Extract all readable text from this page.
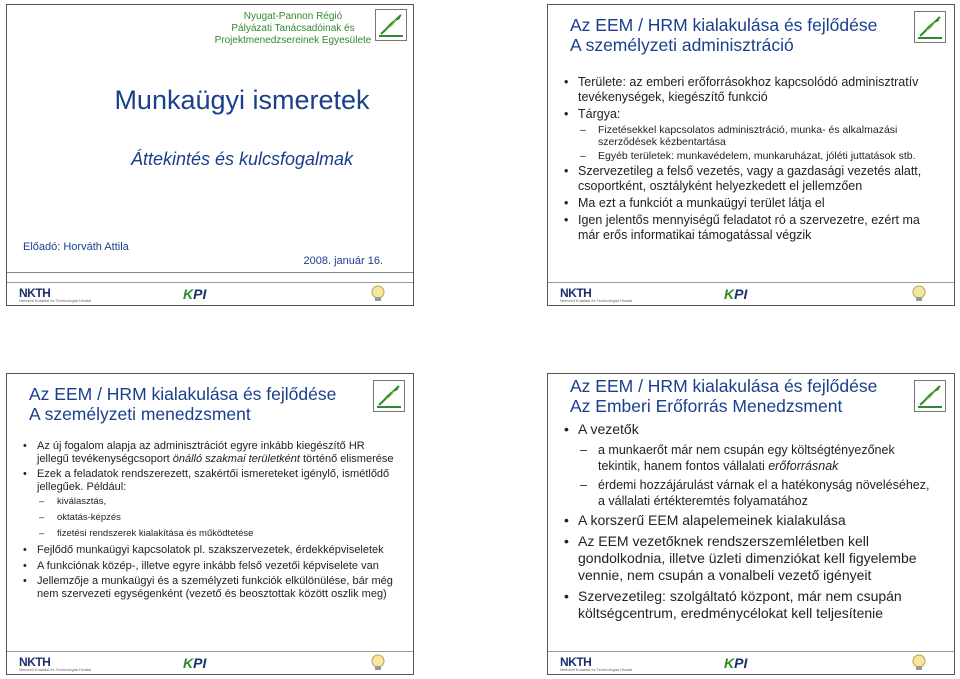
Nyugat-Pannon Régió
Pályázati Tanácsadóinak és
Projektmenedzsereinek Egyesülete
Munkaügyi ismeretek
Áttekintés és kulcsfogalmak
Előadó: Horváth Attila
2008. január 16.
NKTH
Nemzeti Kutatási és Technológiai Hivatal	KPI
Az EEM / HRM kialakulása és fejlődése
A személyzeti adminisztráció
• Területe: az emberi erőforrásokhoz kapcsolódó adminisztratív tevékenységek, kiegészítő funkció
• Tárgya:
– Fizetésekkel kapcsolatos adminisztráció, munka- és alkalmazási szerződések kézbentartása
– Egyéb területek: munkavédelem, munkaruházat, jóléti juttatások stb.
• Szervezetileg a felső vezetés, vagy a gazdasági vezetés alatt, csoportként, osztályként helyezkedett el jellemzően
• Ma ezt a funkciót a munkaügyi terület látja el
• Igen jelentős mennyiségű feladatot ró a szervezetre, ezért ma már erős informatikai támogatással végzik
NKTH
Nemzeti Kutatási és Technológiai Hivatal	KPI
Az EEM / HRM kialakulása és fejlődése
A személyzeti menedzsment
• Az új fogalom alapja az adminisztrációt egyre inkább kiegészítő HR jellegű tevékenységcsoport önálló szakmai területként történő elismerése
• Ezek a feladatok rendszerezett, szakértői ismereteket igénylő, ismétlődő jellegűek. Például:
– kiválasztás,
– oktatás-képzés
– fizetési rendszerek kialakítása és működtetése
• Fejlődő munkaügyi kapcsolatok pl. szakszervezetek, érdekképviseletek
• A funkciónak közép-, illetve egyre inkább felső vezetői képviselete van
• Jellemzője a munkaügyi és a személyzeti funkciók elkülönülése, bár még nem szervezeti egységenként (vezető és beosztottak között oszlik meg)
NKTH
Nemzeti Kutatási és Technológiai Hivatal	KPI
Az EEM / HRM kialakulása és fejlődése
Az Emberi Erőforrás Menedzsment
• A vezetők
– a munkaerőt már nem csupán egy költségtényezőnek tekintik, hanem fontos vállalati erőforrásnak
– érdemi hozzájárulást várnak el a hatékonyság növeléséhez, a vállalati értékteremtés folyamatához
• A korszerű EEM alapelemeinek kialakulása
• Az EEM vezetőknek rendszerszemléletben kell gondolkodnia, illetve üzleti dimenziókat kell figyelembe vennie, nem csupán a vonalbeli vezető igényeit
• Szervezetileg: szolgáltató központ, már nem csupán költségcentrum, eredménycélokat kell teljesítenie
NKTH
Nemzeti Kutatási és Technológiai Hivatal	KPI
